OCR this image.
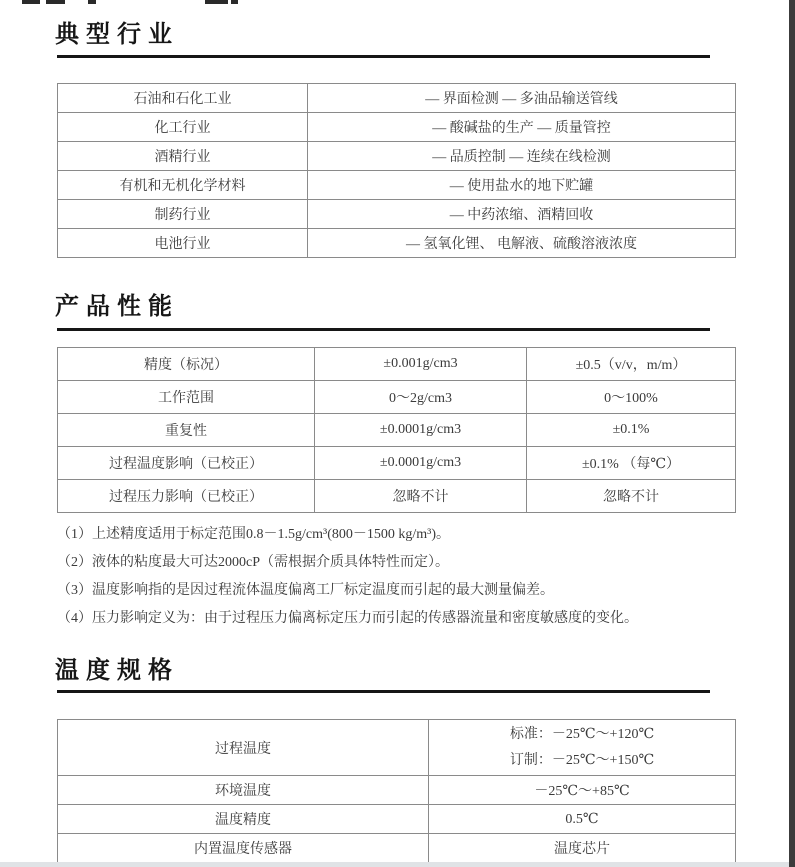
典型行业
石油和石化工业	— 界面检测 — 多油品输送管线
化工行业	— 酸碱盐的生产 — 质量管控
酒精行业	— 品质控制 — 连续在线检测
有机和无机化学材料	— 使用盐水的地下贮罐
制药行业	— 中药浓缩、酒精回收
电池行业	— 氢氧化锂、 电解液、硫酸溶液浓度
产品性能
精度（标况）	±0.001g/cm3	±0.5（v/v，m/m）
工作范围	0～2g/cm3	0～100%
重复性	±0.0001g/cm3	±0.1%
过程温度影响（已校正）	±0.0001g/cm3	±0.1% （每℃）
过程压力影响（已校正）	忽略不计	忽略不计

（1）上述精度适用于标定范围0.8－1.5g/cm³(800－1500 kg/m³)。

（2）液体的粘度最大可达2000cP（需根据介质具体特性而定）。

（3）温度影响指的是因过程流体温度偏离工厂标定温度而引起的最大测量偏差。

（4）压力影响定义为：由于过程压力偏离标定压力而引起的传感器流量和密度敏感度的变化。

温度规格
过程温度	标准：－25℃～+120℃
订制：－25℃～+150℃

环境温度	－25℃～+85℃
温度精度	0.5℃
内置温度传感器	温度芯片
